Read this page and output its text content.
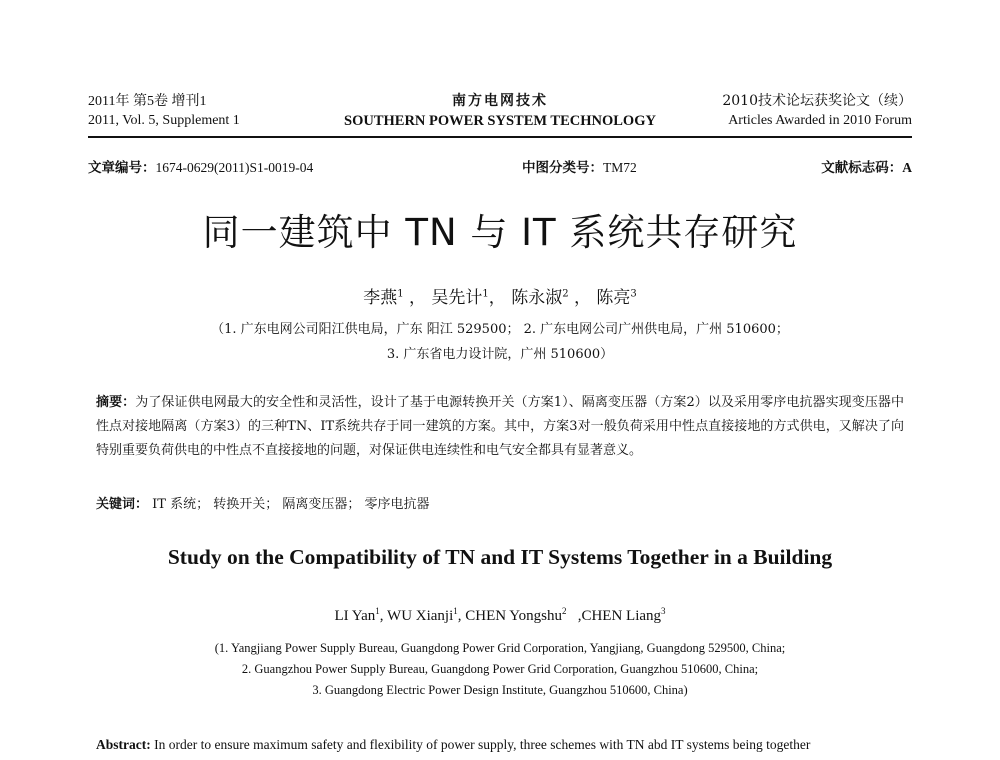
2011年 第5卷 增刊1
2011, Vol. 5, Supplement 1
南方电网技术
SOUTHERN POWER SYSTEM TECHNOLOGY
2010技术论坛获奖论文（续）
Articles Awarded in 2010 Forum
文章编号：1674-0629(2011)S1-0019-04	中图分类号：TM72	文献标志码：A
同一建筑中 TN 与 IT 系统共存研究
李燕$^1$ ， 吴先计$^1$， 陈永淑$^2$ ， 陈亮$^3$
（1. 广东电网公司阳江供电局，广东 阳江 529500； 2. 广东电网公司广州供电局，广州 510600；
3. 广东省电力设计院，广州 510600）
摘要：为了保证供电网最大的安全性和灵活性，设计了基于电源转换开关（方案1）、隔离变压器（方案2）以及采用零序电抗器实现变压器中性点对接地隔离（方案3）的三种TN、IT系统共存于同一建筑的方案。其中，方案3对一般负荷采用中性点直接接地的方式供电，又解决了向特别重要负荷供电的中性点不直接接地的问题，对保证供电连续性和电气安全都具有显著意义。
关键词： IT 系统； 转换开关； 隔离变压器； 零序电抗器
Study on the Compatibility of TN and IT Systems Together in a Building
LI Yan$^1$, WU Xianji$^1$, CHEN Yongshu$^2$   ,CHEN Liang$^3$
(1. Yangjiang Power Supply Bureau, Guangdong Power Grid Corporation, Yangjiang, Guangdong 529500, China;
2. Guangzhou Power Supply Bureau, Guangdong Power Grid Corporation, Guangzhou 510600, China;
3. Guangdong Electric Power Design Institute, Guangzhou 510600, China)
Abstract: In order to ensure maximum safety and flexibility of power supply, three schemes with TN abd IT systems being together
